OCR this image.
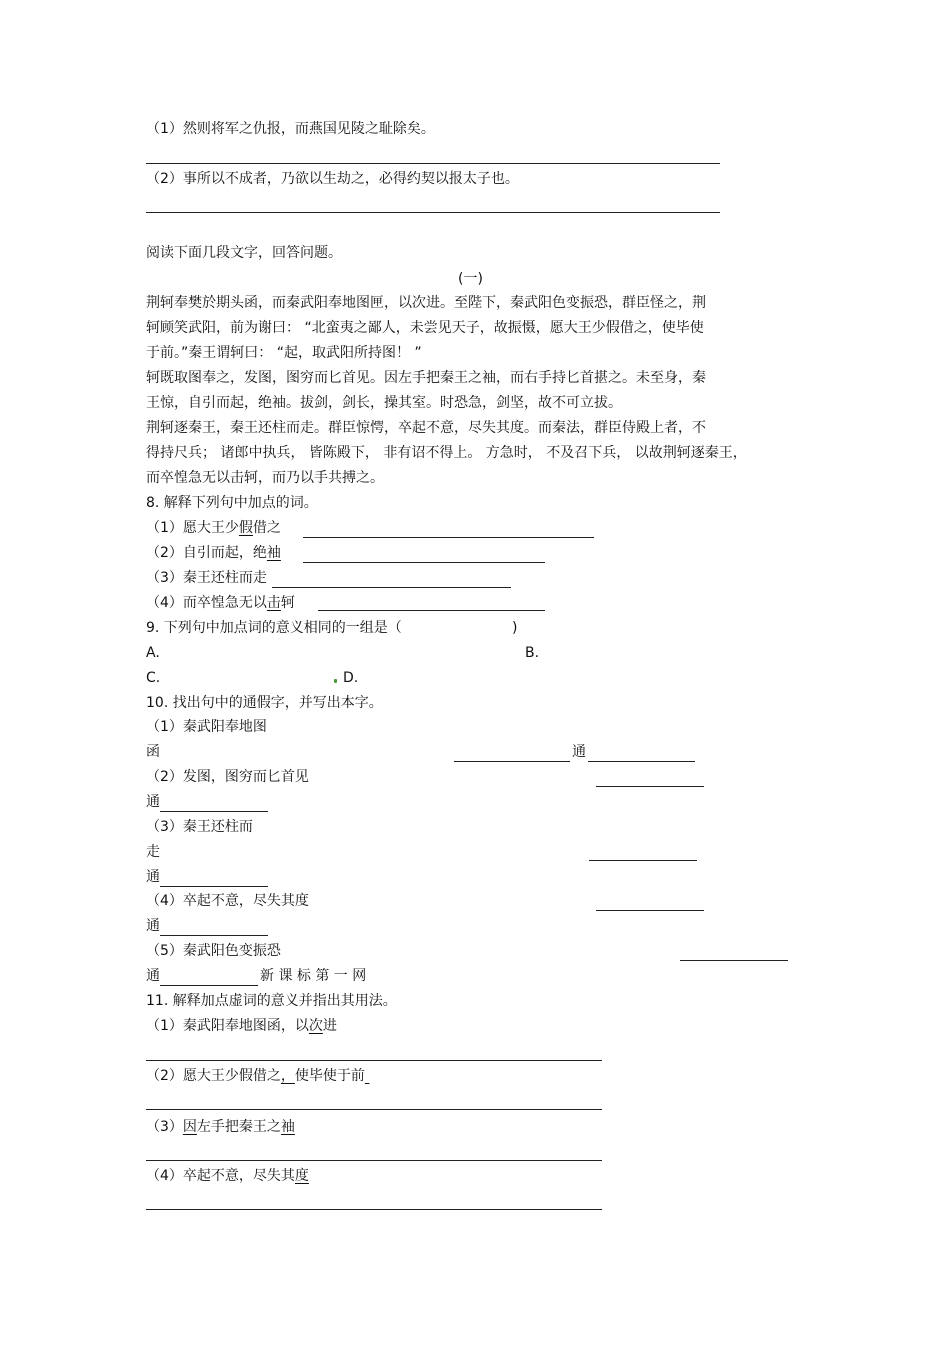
（1）然则将军之仇报，而燕国见陵之耻除矣。
（2）事所以不成者，乃欲以生劫之，必得约契以报太子也。
阅读下面几段文字，回答问题。
(一)
荆轲奉樊於期头函，而秦武阳奉地图匣，以次进。至陛下，秦武阳色变振恐，群臣怪之，荆
轲顾笑武阳，前为谢曰： “北蛮夷之鄙人，未尝见天子，故振慑，愿大王少假借之，使毕使
于前。”秦王谓轲曰： “起，取武阳所持图！ ”
轲既取图奉之，发图，图穷而匕首见。因左手把秦王之袖，而右手持匕首揕之。未至身，秦
王惊，自引而起，绝袖。拔剑，剑长，操其室。时恐急，剑坚，故不可立拔。
荆轲逐秦王，秦王还柱而走。群臣惊愕，卒起不意，尽失其度。而秦法，群臣侍殿上者，不
得持尺兵； 诸郎中执兵， 皆陈殿下， 非有诏不得上。 方急时， 不及召下兵， 以故荆轲逐秦王，
而卒惶急无以击轲，而乃以手共搏之。
8. 解释下列句中加点的词。
（1）愿大王少假借之
（2）自引而起，绝袖
（3）秦王还柱而走
（4）而卒惶急无以击轲
9. 下列句中加点词的意义相同的一组是（	)
A.	B.
C.	D.
10. 找出句中的通假字，并写出本字。
（1）秦武阳奉地图
函	通
（2）发图，图穷而匕首见
通
（3）秦王还柱而
走
通
（4）卒起不意，尽失其度
通
（5）秦武阳色变振恐
通	新 课 标 第 一 网
11. 解释加点虚词的意义并指出其用法。
（1）秦武阳奉地图函，以次进
（2）愿大王少假借之，使毕使于前
（3）因左手把秦王之袖
（4）卒起不意，尽失其度
